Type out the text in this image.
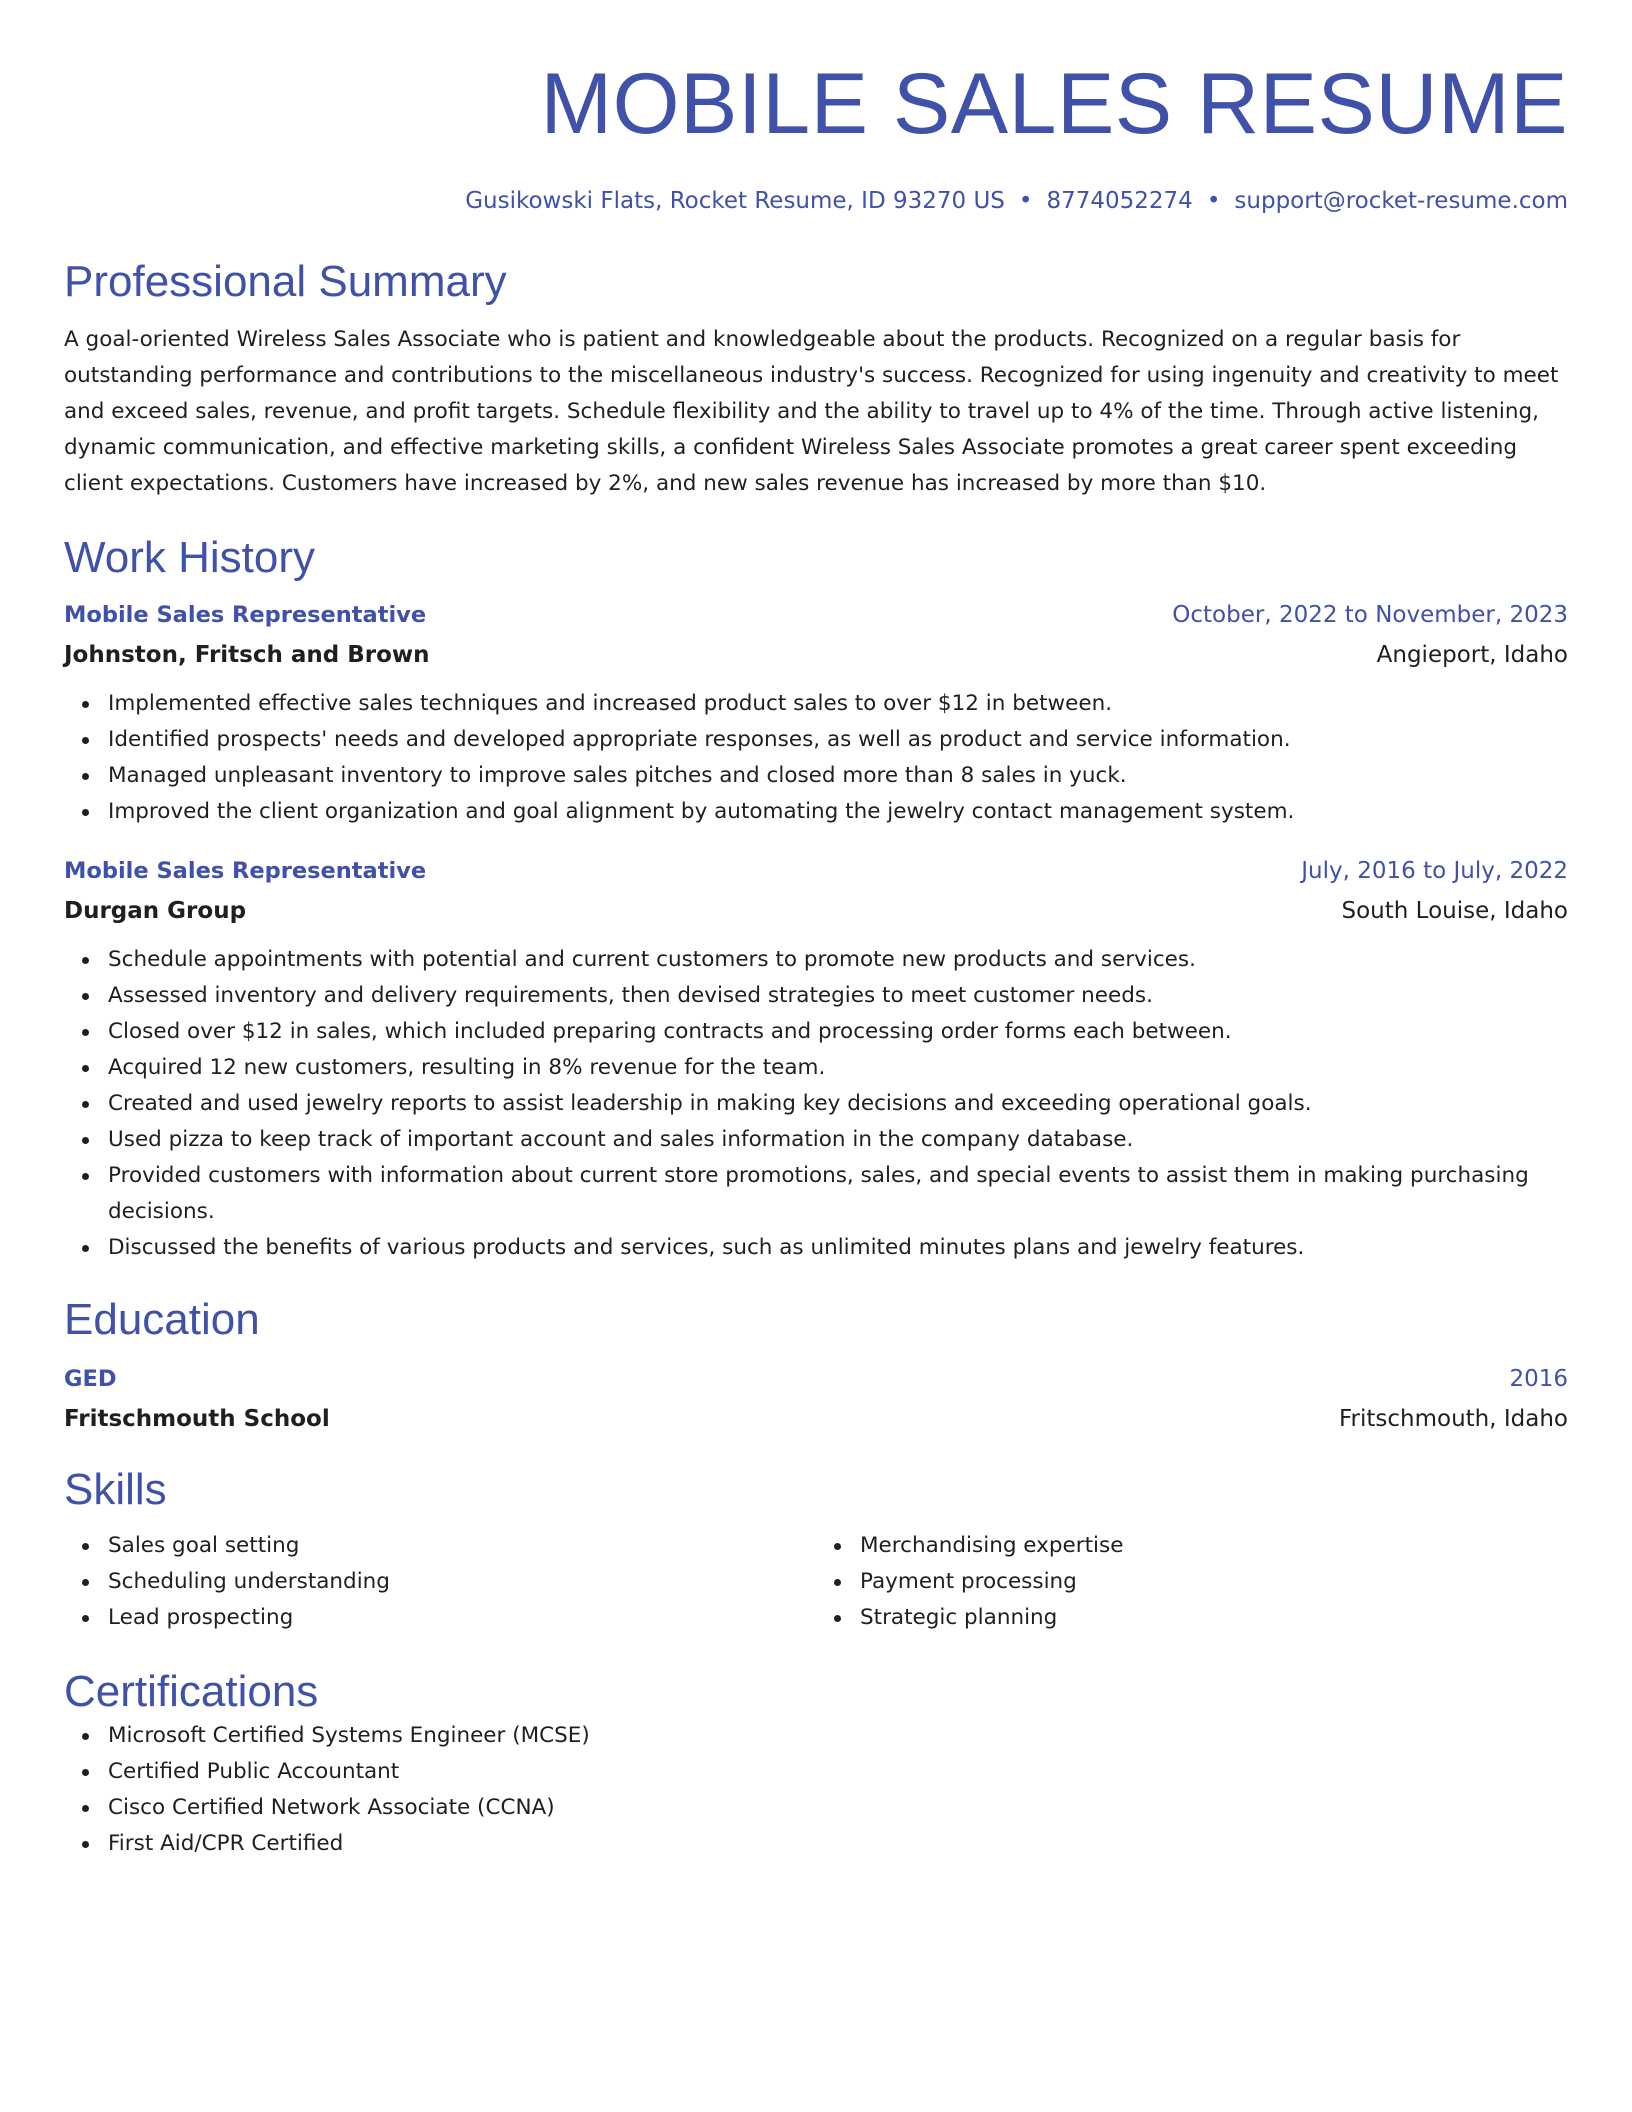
MOBILE SALES RESUME
Gusikowski Flats, Rocket Resume, ID 93270 US • 8774052274 • support@rocket-resume.com
Professional Summary
A goal-oriented Wireless Sales Associate who is patient and knowledgeable about the products. Recognized on a regular basis for outstanding performance and contributions to the miscellaneous industry's success. Recognized for using ingenuity and creativity to meet and exceed sales, revenue, and profit targets. Schedule flexibility and the ability to travel up to 4% of the time. Through active listening, dynamic communication, and effective marketing skills, a confident Wireless Sales Associate promotes a great career spent exceeding client expectations. Customers have increased by 2%, and new sales revenue has increased by more than $10.
Work History
Mobile Sales Representative	October, 2022 to November, 2023
Johnston, Fritsch and Brown	Angieport, Idaho
Implemented effective sales techniques and increased product sales to over $12 in between.
Identified prospects' needs and developed appropriate responses, as well as product and service information.
Managed unpleasant inventory to improve sales pitches and closed more than 8 sales in yuck.
Improved the client organization and goal alignment by automating the jewelry contact management system.
Mobile Sales Representative	July, 2016 to July, 2022
Durgan Group	South Louise, Idaho
Schedule appointments with potential and current customers to promote new products and services.
Assessed inventory and delivery requirements, then devised strategies to meet customer needs.
Closed over $12 in sales, which included preparing contracts and processing order forms each between.
Acquired 12 new customers, resulting in 8% revenue for the team.
Created and used jewelry reports to assist leadership in making key decisions and exceeding operational goals.
Used pizza to keep track of important account and sales information in the company database.
Provided customers with information about current store promotions, sales, and special events to assist them in making purchasing decisions.
Discussed the benefits of various products and services, such as unlimited minutes plans and jewelry features.
Education
GED	2016
Fritschmouth School	Fritschmouth, Idaho
Skills
Sales goal setting
Scheduling understanding
Lead prospecting
Merchandising expertise
Payment processing
Strategic planning
Certifications
Microsoft Certified Systems Engineer (MCSE)
Certified Public Accountant
Cisco Certified Network Associate (CCNA)
First Aid/CPR Certified
